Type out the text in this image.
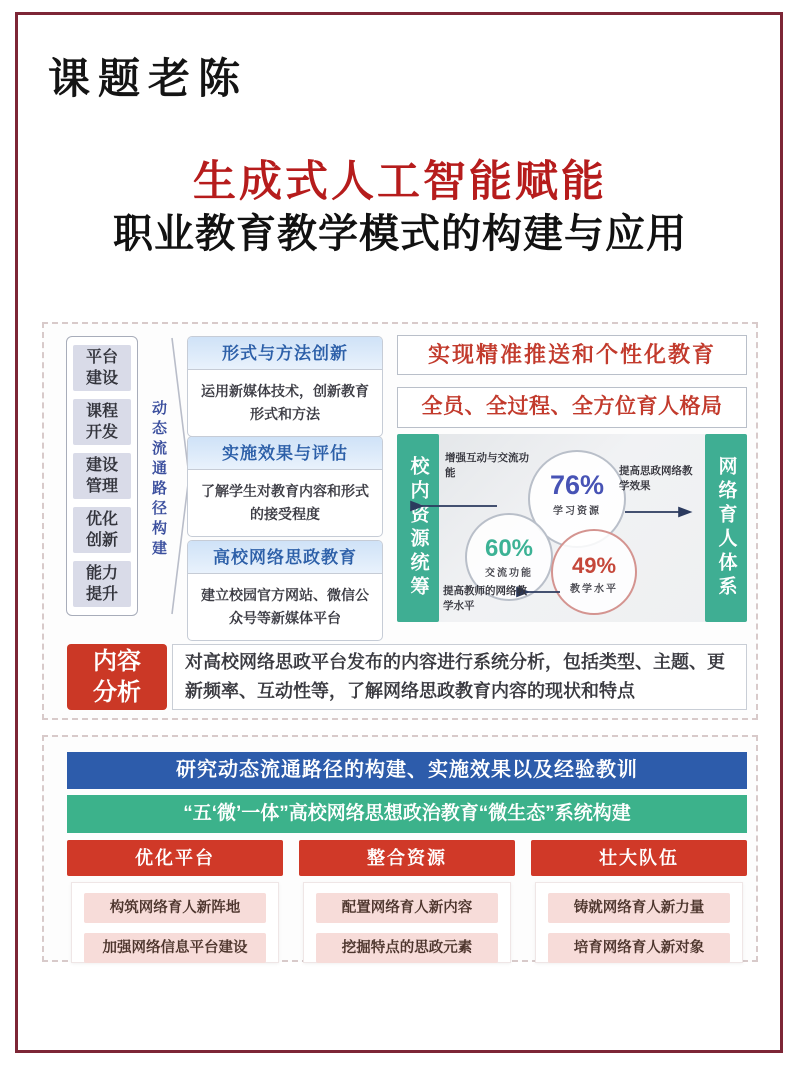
课题老陈
生成式人工智能赋能
职业教育教学模式的构建与应用
平台建设
课程开发
建设管理
优化创新
能力提升
动态流通路径构建
形式与方法创新
运用新媒体技术，创新教育形式和方法
实施效果与评估
了解学生对教育内容和形式的接受程度
高校网络思政教育
建立校园官方网站、微信公众号等新媒体平台
实现精准推送和个性化教育
全员、全过程、全方位育人格局
校内资源统筹	网络育人体系
76%
学习资源
60%
交流功能	49%
教学水平
增强互动与交流功能	提高思政网络教学效果
提高教师的网络教学水平
内容分析
对高校网络思政平台发布的内容进行系统分析，包括类型、主题、更新频率、互动性等，了解网络思政教育内容的现状和特点
研究动态流通路径的构建、实施效果以及经验教训
“五‘微’一体”高校网络思想政治教育“微生态”系统构建
优化平台
构筑网络育人新阵地
加强网络信息平台建设
整合资源
配置网络育人新内容
挖掘特点的思政元素
壮大队伍
铸就网络育人新力量
培育网络育人新对象
